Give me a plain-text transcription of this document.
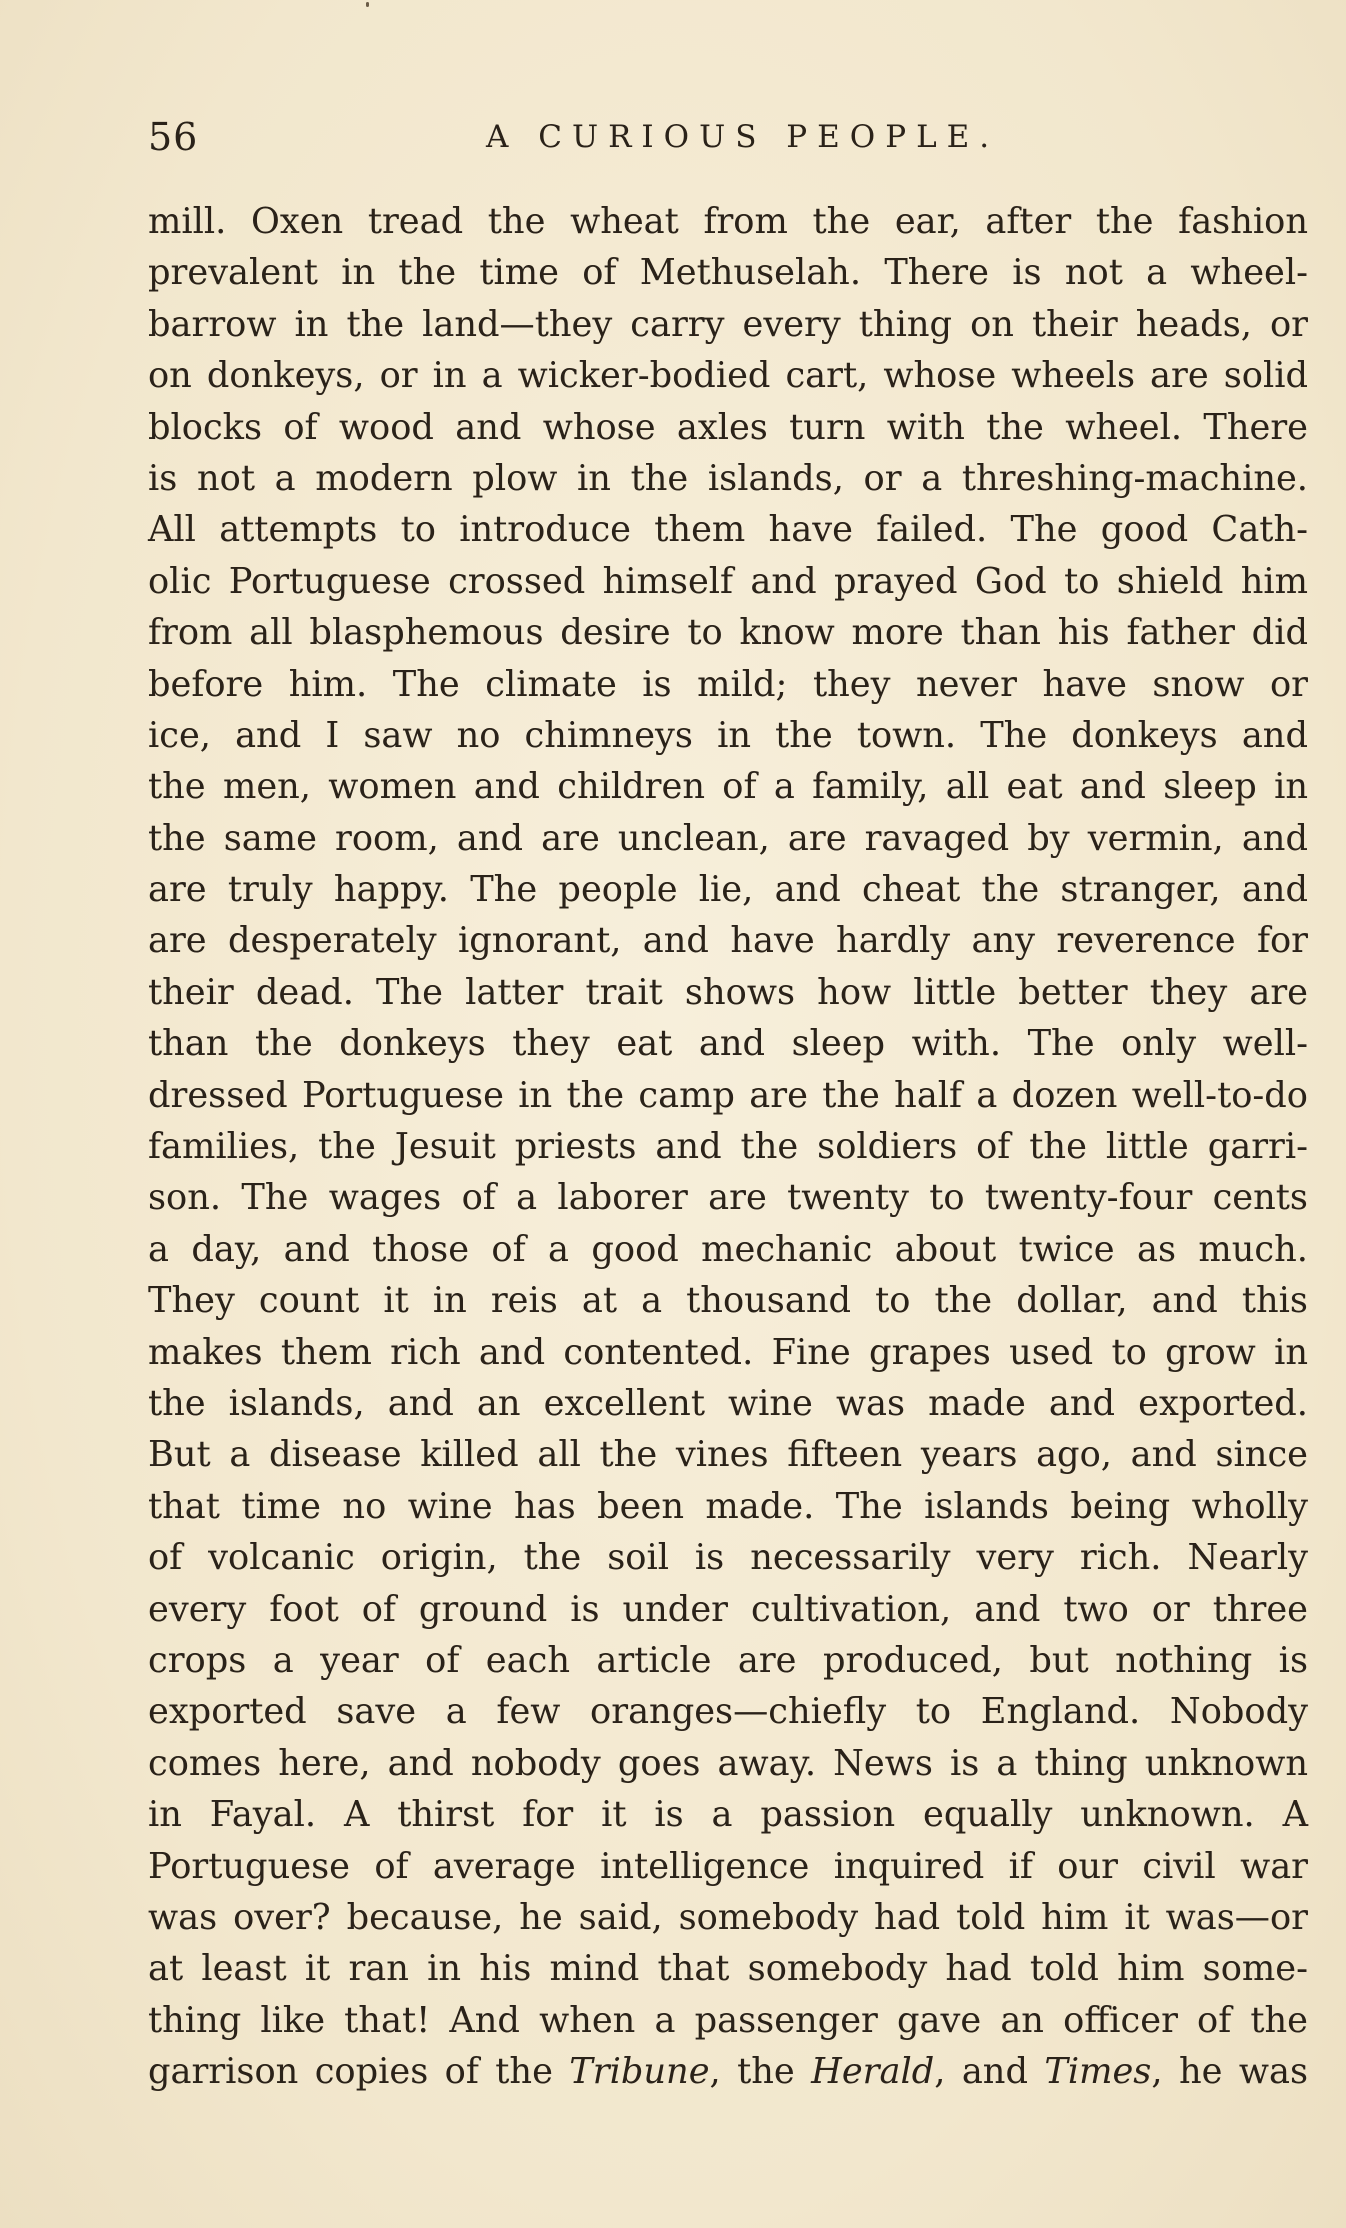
56	A CURIOUS PEOPLE.
mill. Oxen tread the wheat from the ear, after the fashion
prevalent in the time of Methuselah. There is not a wheel-
barrow in the land—they carry every thing on their heads, or
on donkeys, or in a wicker-bodied cart, whose wheels are solid
blocks of wood and whose axles turn with the wheel. There
is not a modern plow in the islands, or a threshing-machine.
All attempts to introduce them have failed. The good Cath-
olic Portuguese crossed himself and prayed God to shield him
from all blasphemous desire to know more than his father did
before him. The climate is mild; they never have snow or
ice, and I saw no chimneys in the town. The donkeys and
the men, women and children of a family, all eat and sleep in
the same room, and are unclean, are ravaged by vermin, and
are truly happy. The people lie, and cheat the stranger, and
are desperately ignorant, and have hardly any reverence for
their dead. The latter trait shows how little better they are
than the donkeys they eat and sleep with. The only well-
dressed Portuguese in the camp are the half a dozen well-to-do
families, the Jesuit priests and the soldiers of the little garri-
son. The wages of a laborer are twenty to twenty-four cents
a day, and those of a good mechanic about twice as much.
They count it in reis at a thousand to the dollar, and this
makes them rich and contented. Fine grapes used to grow in
the islands, and an excellent wine was made and exported.
But a disease killed all the vines fifteen years ago, and since
that time no wine has been made. The islands being wholly
of volcanic origin, the soil is necessarily very rich. Nearly
every foot of ground is under cultivation, and two or three
crops a year of each article are produced, but nothing is
exported save a few oranges—chiefly to England. Nobody
comes here, and nobody goes away. News is a thing unknown
in Fayal. A thirst for it is a passion equally unknown. A
Portuguese of average intelligence inquired if our civil war
was over? because, he said, somebody had told him it was—or
at least it ran in his mind that somebody had told him some-
thing like that! And when a passenger gave an officer of the
garrison copies of the Tribune, the Herald, and Times, he was
